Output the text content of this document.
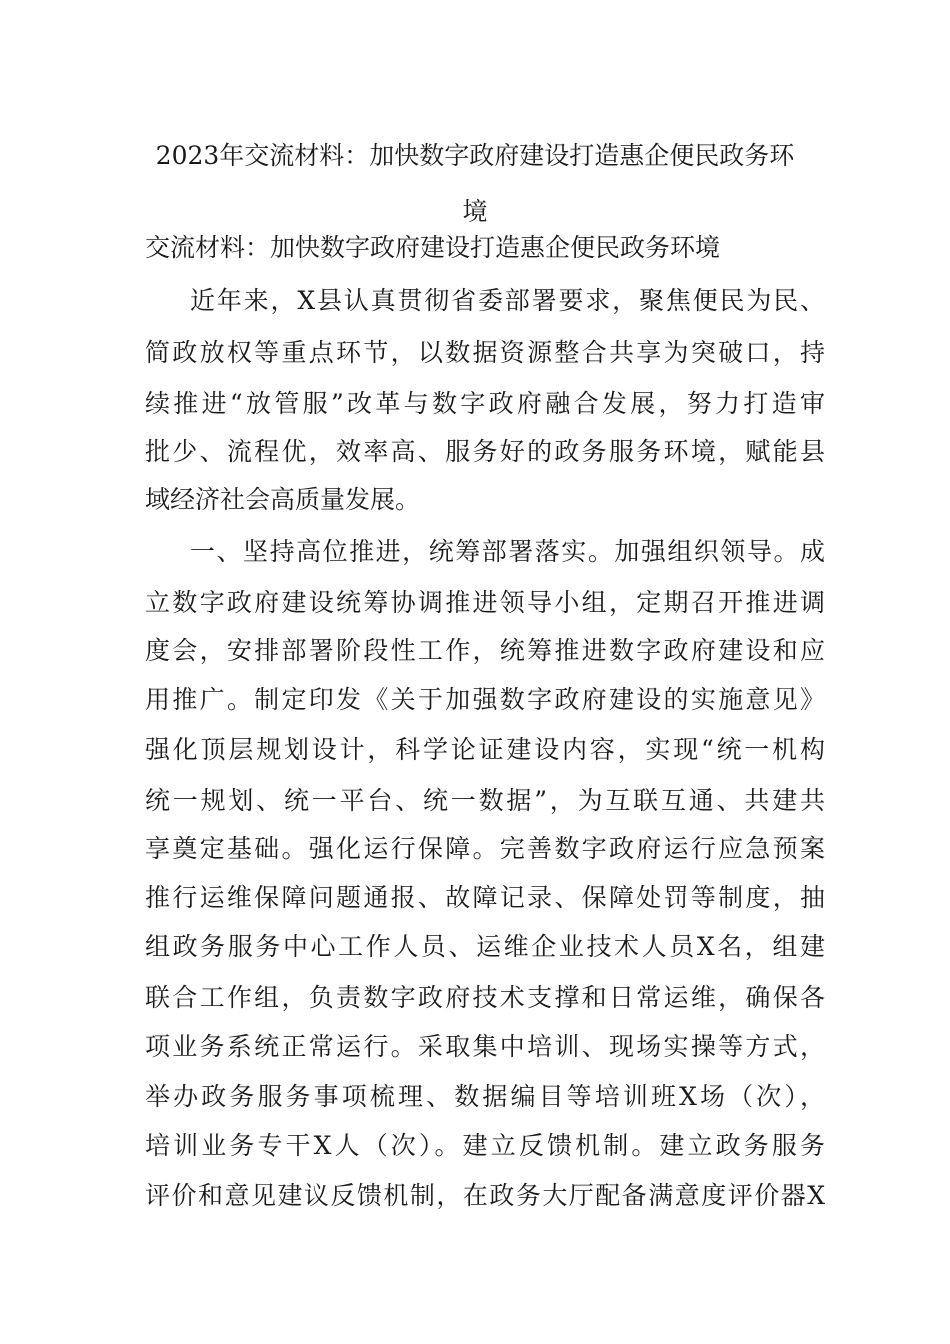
2023年交流材料：加快数字政府建设打造惠企便民政务环
境
交流材料：加快数字政府建设打造惠企便民政务环境
近年来，X县认真贯彻省委部署要求，聚焦便民为民、
简政放权等重点环节，以数据资源整合共享为突破口，持
续推进“放管服”改革与数字政府融合发展，努力打造审
批少、流程优，效率高、服务好的政务服务环境，赋能县
域经济社会高质量发展。
一、坚持高位推进，统筹部署落实。加强组织领导。成
立数字政府建设统筹协调推进领导小组，定期召开推进调
度会，安排部署阶段性工作，统筹推进数字政府建设和应
用推广。制定印发《关于加强数字政府建设的实施意见》
强化顶层规划设计，科学论证建设内容，实现“统一机构
统一规划、统一平台、统一数据”，为互联互通、共建共
享奠定基础。强化运行保障。完善数字政府运行应急预案
推行运维保障问题通报、故障记录、保障处罚等制度，抽
组政务服务中心工作人员、运维企业技术人员X名，组建
联合工作组，负责数字政府技术支撑和日常运维，确保各
项业务系统正常运行。采取集中培训、现场实操等方式，
举办政务服务事项梳理、数据编目等培训班X场（次），
培训业务专干X人（次）。建立反馈机制。建立政务服务
评价和意见建议反馈机制，在政务大厅配备满意度评价器X
